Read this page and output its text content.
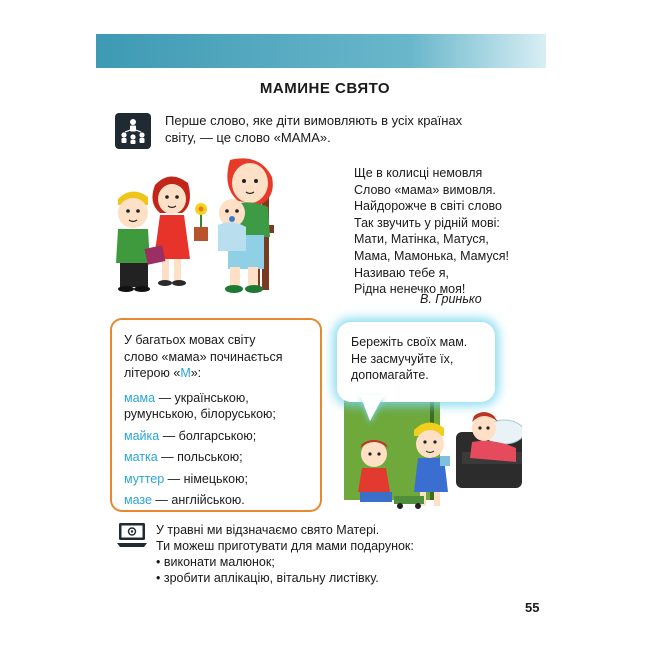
МАМИНЕ СВЯТО
Перше слово, яке діти вимовляють в усіх країнах
світу, — це слово «МАМА».
Ще в колисці немовля
Слово «мама» вимовля.
Найдорожче в світі слово
Так звучить у рідній мові:
Мати, Матінка, Матуся,
Мама, Мамонька, Мамуся!
Називаю тебе я,
Рідна ненечко моя!
В. Гринько
У багатьох мовах світу
слово «мама» починається
літерою «М»:
мама — українською,
румунською, білоруською;
майка — болгарською;
матка — польською;
муттер — німецькою;
мазе — англійською.
Бережіть своїх мам.
Не засмучуйте їх,
допомагайте.
У травні ми відзначаємо свято Матері.
Ти можеш приготувати для мами подарунок:
• виконати малюнок;
• зробити аплікацію, вітальну листівку.
55
